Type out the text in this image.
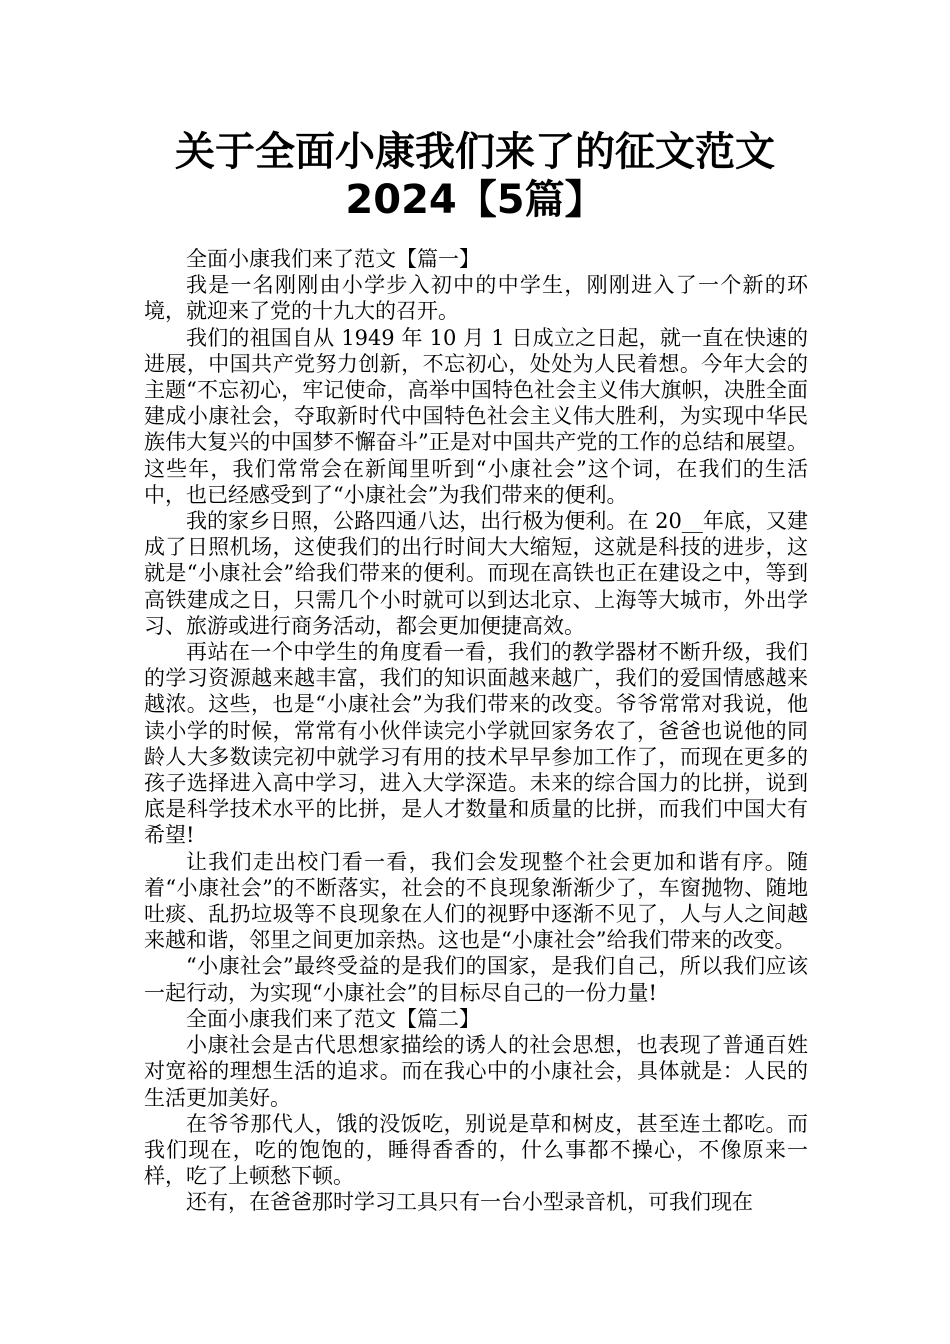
关于全面小康我们来了的征文范文
2024【5篇】

全面小康我们来了范文【篇一】

我是一名刚刚由小学步入初中的中学生，刚刚进入了一个新的环境，就迎来了党的十九大的召开。

我们的祖国自从 1949 年 10 月 1 日成立之日起，就一直在快速的进展，中国共产党努力创新，不忘初心，处处为人民着想。今年大会的主题“不忘初心，牢记使命，高举中国特色社会主义伟大旗帜，决胜全面建成小康社会，夺取新时代中国特色社会主义伟大胜利，为实现中华民族伟大复兴的中国梦不懈奋斗”正是对中国共产党的工作的总结和展望。这些年，我们常常会在新闻里听到“小康社会”这个词，在我们的生活中，也已经感受到了“小康社会”为我们带来的便利。

我的家乡日照，公路四通八达，出行极为便利。在 20__年底，又建成了日照机场，这使我们的出行时间大大缩短，这就是科技的进步，这就是“小康社会”给我们带来的便利。而现在高铁也正在建设之中，等到高铁建成之日，只需几个小时就可以到达北京、上海等大城市，外出学习、旅游或进行商务活动，都会更加便捷高效。

再站在一个中学生的角度看一看，我们的教学器材不断升级，我们的学习资源越来越丰富，我们的知识面越来越广，我们的爱国情感越来越浓。这些，也是“小康社会”为我们带来的改变。爷爷常常对我说，他读小学的时候，常常有小伙伴读完小学就回家务农了，爸爸也说他的同龄人大多数读完初中就学习有用的技术早早参加工作了，而现在更多的孩子选择进入高中学习，进入大学深造。未来的综合国力的比拼，说到底是科学技术水平的比拼，是人才数量和质量的比拼，而我们中国大有希望!

让我们走出校门看一看，我们会发现整个社会更加和谐有序。随着“小康社会”的不断落实，社会的不良现象渐渐少了，车窗抛物、随地吐痰、乱扔垃圾等不良现象在人们的视野中逐渐不见了，人与人之间越来越和谐，邻里之间更加亲热。这也是“小康社会”给我们带来的改变。

“小康社会”最终受益的是我们的国家，是我们自己，所以我们应该一起行动，为实现“小康社会”的目标尽自己的一份力量!

全面小康我们来了范文【篇二】

小康社会是古代思想家描绘的诱人的社会思想，也表现了普通百姓对宽裕的理想生活的追求。而在我心中的小康社会，具体就是：人民的生活更加美好。

在爷爷那代人，饿的没饭吃，别说是草和树皮，甚至连土都吃。而我们现在，吃的饱饱的，睡得香香的，什么事都不操心，不像原来一样，吃了上顿愁下顿。

还有，在爸爸那时学习工具只有一台小型录音机，可我们现在
